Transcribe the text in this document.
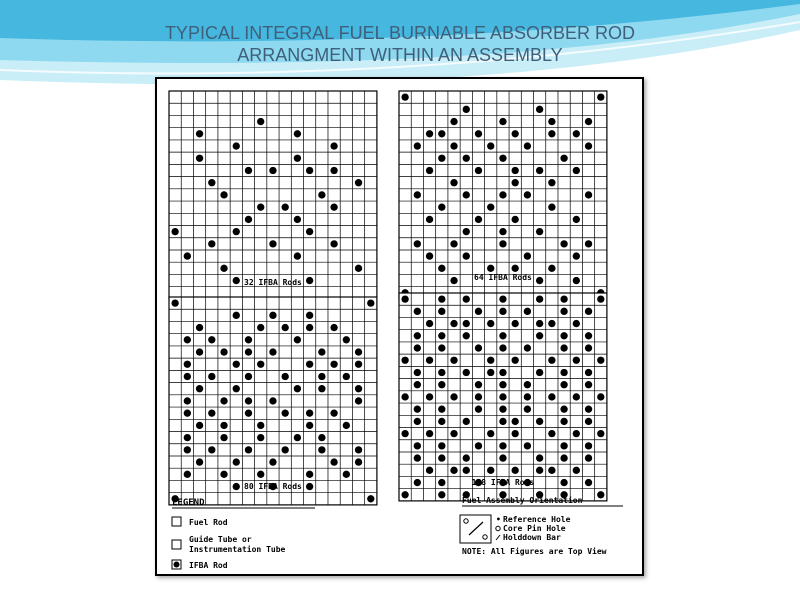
TYPICAL INTEGRAL FUEL BURNABLE ABSORBER ROD
ARRANGMENT WITHIN AN ASSEMBLY
32 IFBA Rods
64 IFBA Rods
80 IFBA Rods	128 IFBA Rods
LEGEND
Fuel Rod
Guide Tube or
Instrumentation Tube
IFBA Rod
Fuel Assembly Orientation
• Reference Hole
Core Pin Hole
Holddown Bar
NOTE: All Figures are Top View
